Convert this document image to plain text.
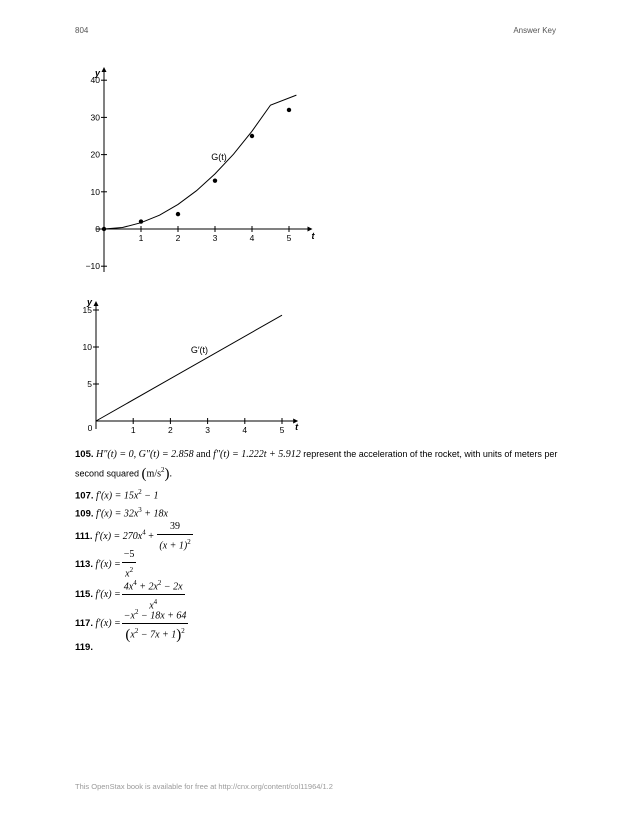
804	Answer Key
1	2	3	4	5
−10
0
10
20
30
40
t
y
G(t)
1	2	3	4	5
5
10
15
t
y
0
G′(t)
105. H″(t) = 0, G″(t) = 2.858 and f″(t) = 1.222t + 5.912 represent the acceleration of the rocket, with units of meters per
second squared $(m/s^2)$.
107. $f'(x) = 15x^2 - 1$
109. $f'(x) = 32x^3 + 18x$
111. $f'(x) = 270x^4 + \frac{39}{(x + 1)^2}$
113. $f'(x) = \frac{-5}{x^2}$
115. $f'(x) = \frac{4x^4 + 2x^2 - 2x}{x^4}$
117. $f'(x) = \frac{-x^2 - 18x + 64}{(x^2 - 7x + 1)^2}$
119.
This OpenStax book is available for free at http://cnx.org/content/col11964/1.2
